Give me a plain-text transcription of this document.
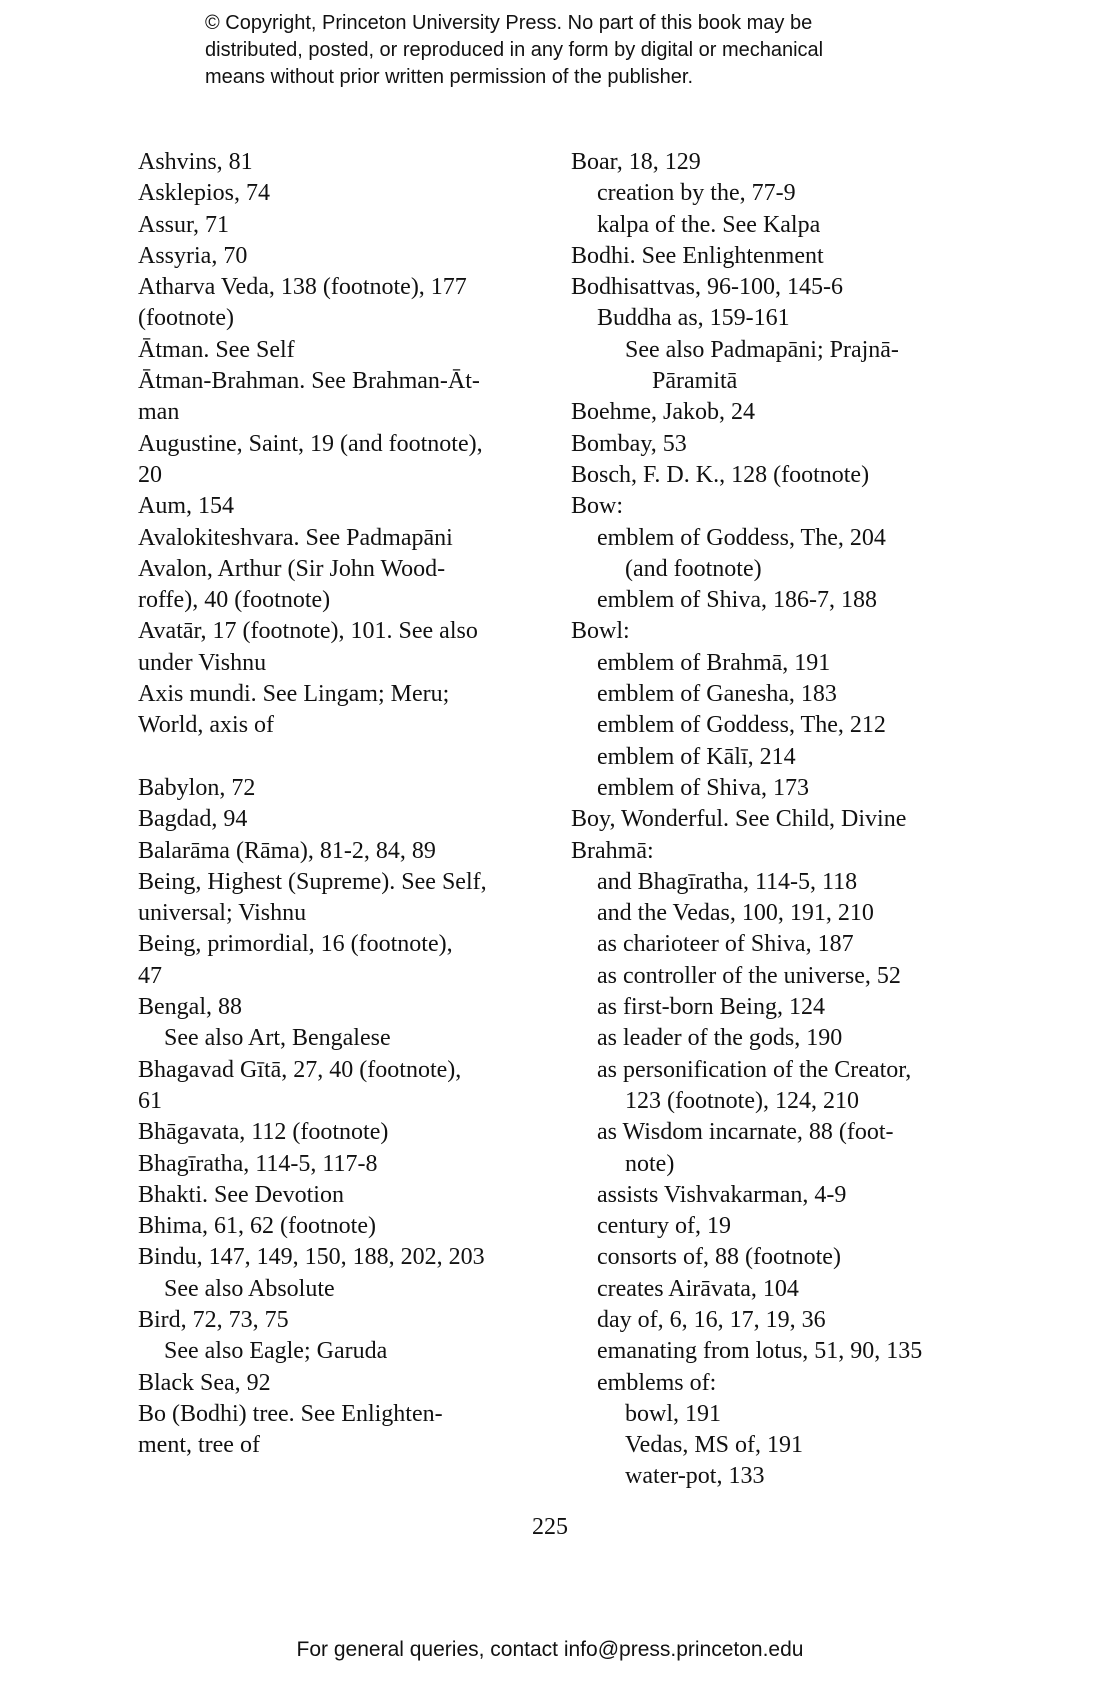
© Copyright, Princeton University Press. No part of this book may be
distributed, posted, or reproduced in any form by digital or mechanical
means without prior written permission of the publisher.
Ashvins, 81
Asklepios, 74
Assur, 71
Assyria, 70
Atharva Veda, 138 (footnote), 177
(footnote)
Ātman. See Self
Ātman-Brahman. See Brahman-Āt-
man
Augustine, Saint, 19 (and footnote),
20
Aum, 154
Avalokiteshvara. See Padmapāni
Avalon, Arthur (Sir John Wood-
roffe), 40 (footnote)
Avatār, 17 (footnote), 101. See also
under Vishnu
Axis mundi. See Lingam; Meru;
World, axis of
Babylon, 72
Bagdad, 94
Balarāma (Rāma), 81-2, 84, 89
Being, Highest (Supreme). See Self,
universal; Vishnu
Being, primordial, 16 (footnote),
47
Bengal, 88
See also Art, Bengalese
Bhagavad Gītā, 27, 40 (footnote),
61
Bhāgavata, 112 (footnote)
Bhagīratha, 114-5, 117-8
Bhakti. See Devotion
Bhima, 61, 62 (footnote)
Bindu, 147, 149, 150, 188, 202, 203
See also Absolute
Bird, 72, 73, 75
See also Eagle; Garuda
Black Sea, 92
Bo (Bodhi) tree. See Enlighten-
ment, tree of
Boar, 18, 129
creation by the, 77-9
kalpa of the. See Kalpa
Bodhi. See Enlightenment
Bodhisattvas, 96-100, 145-6
Buddha as, 159-161
See also Padmapāni; Prajnā-
Pāramitā
Boehme, Jakob, 24
Bombay, 53
Bosch, F. D. K., 128 (footnote)
Bow:
emblem of Goddess, The, 204
(and footnote)
emblem of Shiva, 186-7, 188
Bowl:
emblem of Brahmā, 191
emblem of Ganesha, 183
emblem of Goddess, The, 212
emblem of Kālī, 214
emblem of Shiva, 173
Boy, Wonderful. See Child, Divine
Brahmā:
and Bhagīratha, 114-5, 118
and the Vedas, 100, 191, 210
as charioteer of Shiva, 187
as controller of the universe, 52
as first-born Being, 124
as leader of the gods, 190
as personification of the Creator,
123 (footnote), 124, 210
as Wisdom incarnate, 88 (foot-
note)
assists Vishvakarman, 4-9
century of, 19
consorts of, 88 (footnote)
creates Airāvata, 104
day of, 6, 16, 17, 19, 36
emanating from lotus, 51, 90, 135
emblems of:
bowl, 191
Vedas, MS of, 191
water-pot, 133
225
For general queries, contact info@press.princeton.edu
